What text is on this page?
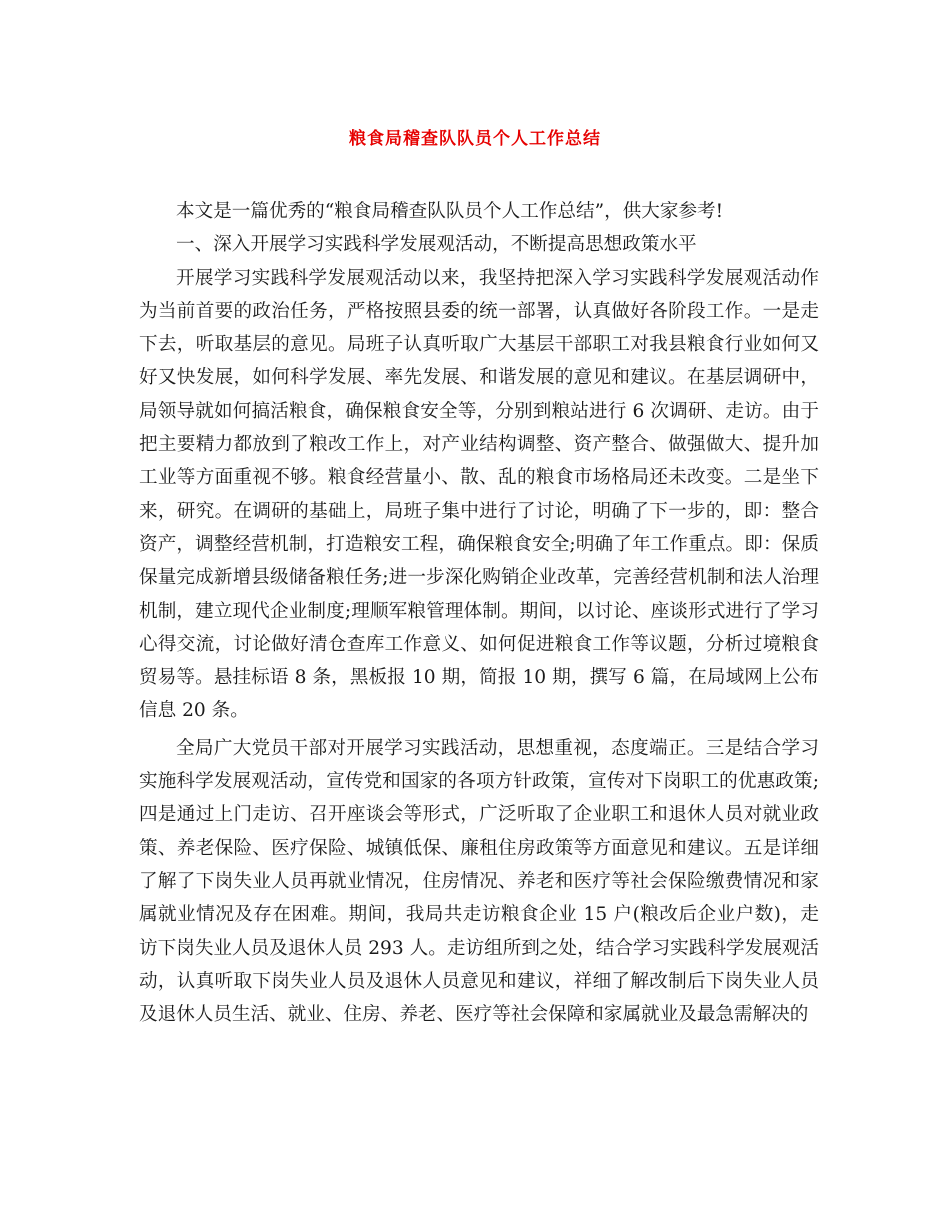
粮食局稽查队队员个人工作总结

本文是一篇优秀的“粮食局稽查队队员个人工作总结”，供大家参考!

一、深入开展学习实践科学发展观活动，不断提高思想政策水平

开展学习实践科学发展观活动以来，我坚持把深入学习实践科学发展观活动作为当前首要的政治任务，严格按照县委的统一部署，认真做好各阶段工作。一是走下去，听取基层的意见。局班子认真听取广大基层干部职工对我县粮食行业如何又好又快发展，如何科学发展、率先发展、和谐发展的意见和建议。在基层调研中，局领导就如何搞活粮食，确保粮食安全等，分别到粮站进行 6 次调研、走访。由于把主要精力都放到了粮改工作上，对产业结构调整、资产整合、做强做大、提升加工业等方面重视不够。粮食经营量小、散、乱的粮食市场格局还未改变。二是坐下来，研究。在调研的基础上，局班子集中进行了讨论，明确了下一步的，即：整合资产，调整经营机制，打造粮安工程，确保粮食安全;明确了年工作重点。即：保质保量完成新增县级储备粮任务;进一步深化购销企业改革，完善经营机制和法人治理机制，建立现代企业制度;理顺军粮管理体制。期间，以讨论、座谈形式进行了学习心得交流，讨论做好清仓查库工作意义、如何促进粮食工作等议题，分析过境粮食贸易等。悬挂标语 8 条，黑板报 10 期，简报 10 期，撰写 6 篇，在局域网上公布信息 20 条。

全局广大党员干部对开展学习实践活动，思想重视，态度端正。三是结合学习实施科学发展观活动，宣传党和国家的各项方针政策，宣传对下岗职工的优惠政策;四是通过上门走访、召开座谈会等形式，广泛听取了企业职工和退休人员对就业政策、养老保险、医疗保险、城镇低保、廉租住房政策等方面意见和建议。五是详细了解了下岗失业人员再就业情况，住房情况、养老和医疗等社会保险缴费情况和家属就业情况及存在困难。期间，我局共走访粮食企业 15 户(粮改后企业户数)，走访下岗失业人员及退休人员 293 人。走访组所到之处，结合学习实践科学发展观活动，认真听取下岗失业人员及退休人员意见和建议，祥细了解改制后下岗失业人员及退休人员生活、就业、住房、养老、医疗等社会保障和家属就业及最急需解决的
